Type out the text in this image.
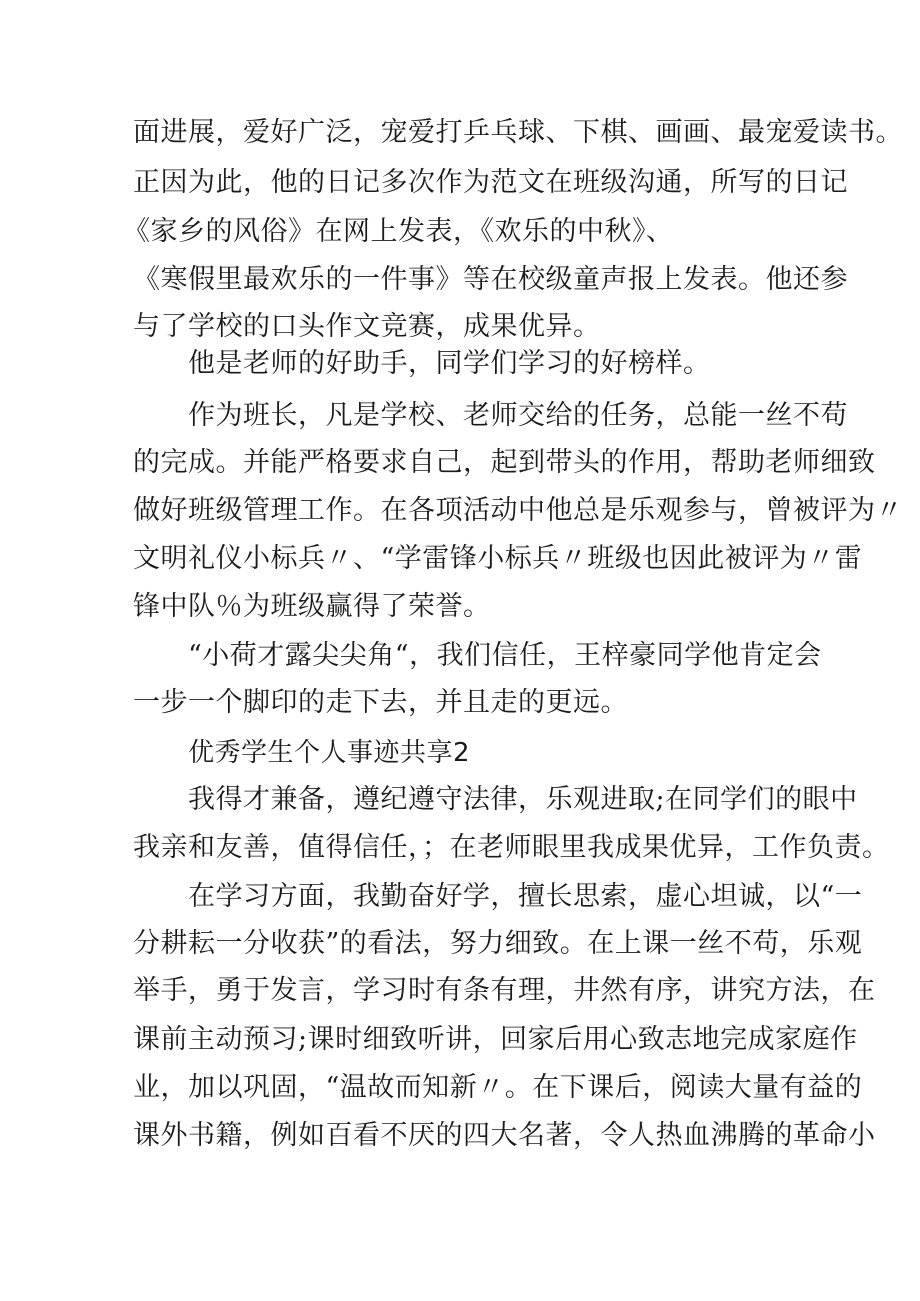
面进展，爱好广泛，宠爱打乒乓球、下棋、画画、最宠爱读书。
正因为此，他的日记多次作为范文在班级沟通，所写的日记
《家乡的风俗》在网上发表，《欢乐的中秋》、
《寒假里最欢乐的一件事》等在校级童声报上发表。他还参
与了学校的口头作文竞赛，成果优异。
他是老师的好助手，同学们学习的好榜样。
作为班长，凡是学校、老师交给的任务，总能一丝不苟
的完成。并能严格要求自己，起到带头的作用，帮助老师细致
做好班级管理工作。在各项活动中他总是乐观参与，曾被评为〃
文明礼仪小标兵〃、“学雷锋小标兵〃班级也因此被评为〃雷
锋中队％为班级赢得了荣誉。
“小荷才露尖尖角“，我们信任，王梓豪同学他肯定会
一步一个脚印的走下去，并且走的更远。
优秀学生个人事迹共享2
我得才兼备，遵纪遵守法律，乐观进取;在同学们的眼中
我亲和友善，值得信任，；在老师眼里我成果优异，工作负责。
在学习方面，我勤奋好学，擅长思索，虚心坦诚，以“一
分耕耘一分收获”的看法，努力细致。在上课一丝不苟，乐观
举手，勇于发言，学习时有条有理，井然有序，讲究方法，在
课前主动预习;课时细致听讲，回家后用心致志地完成家庭作
业，加以巩固，“温故而知新〃。在下课后，阅读大量有益的
课外书籍，例如百看不厌的四大名著，令人热血沸腾的革命小
